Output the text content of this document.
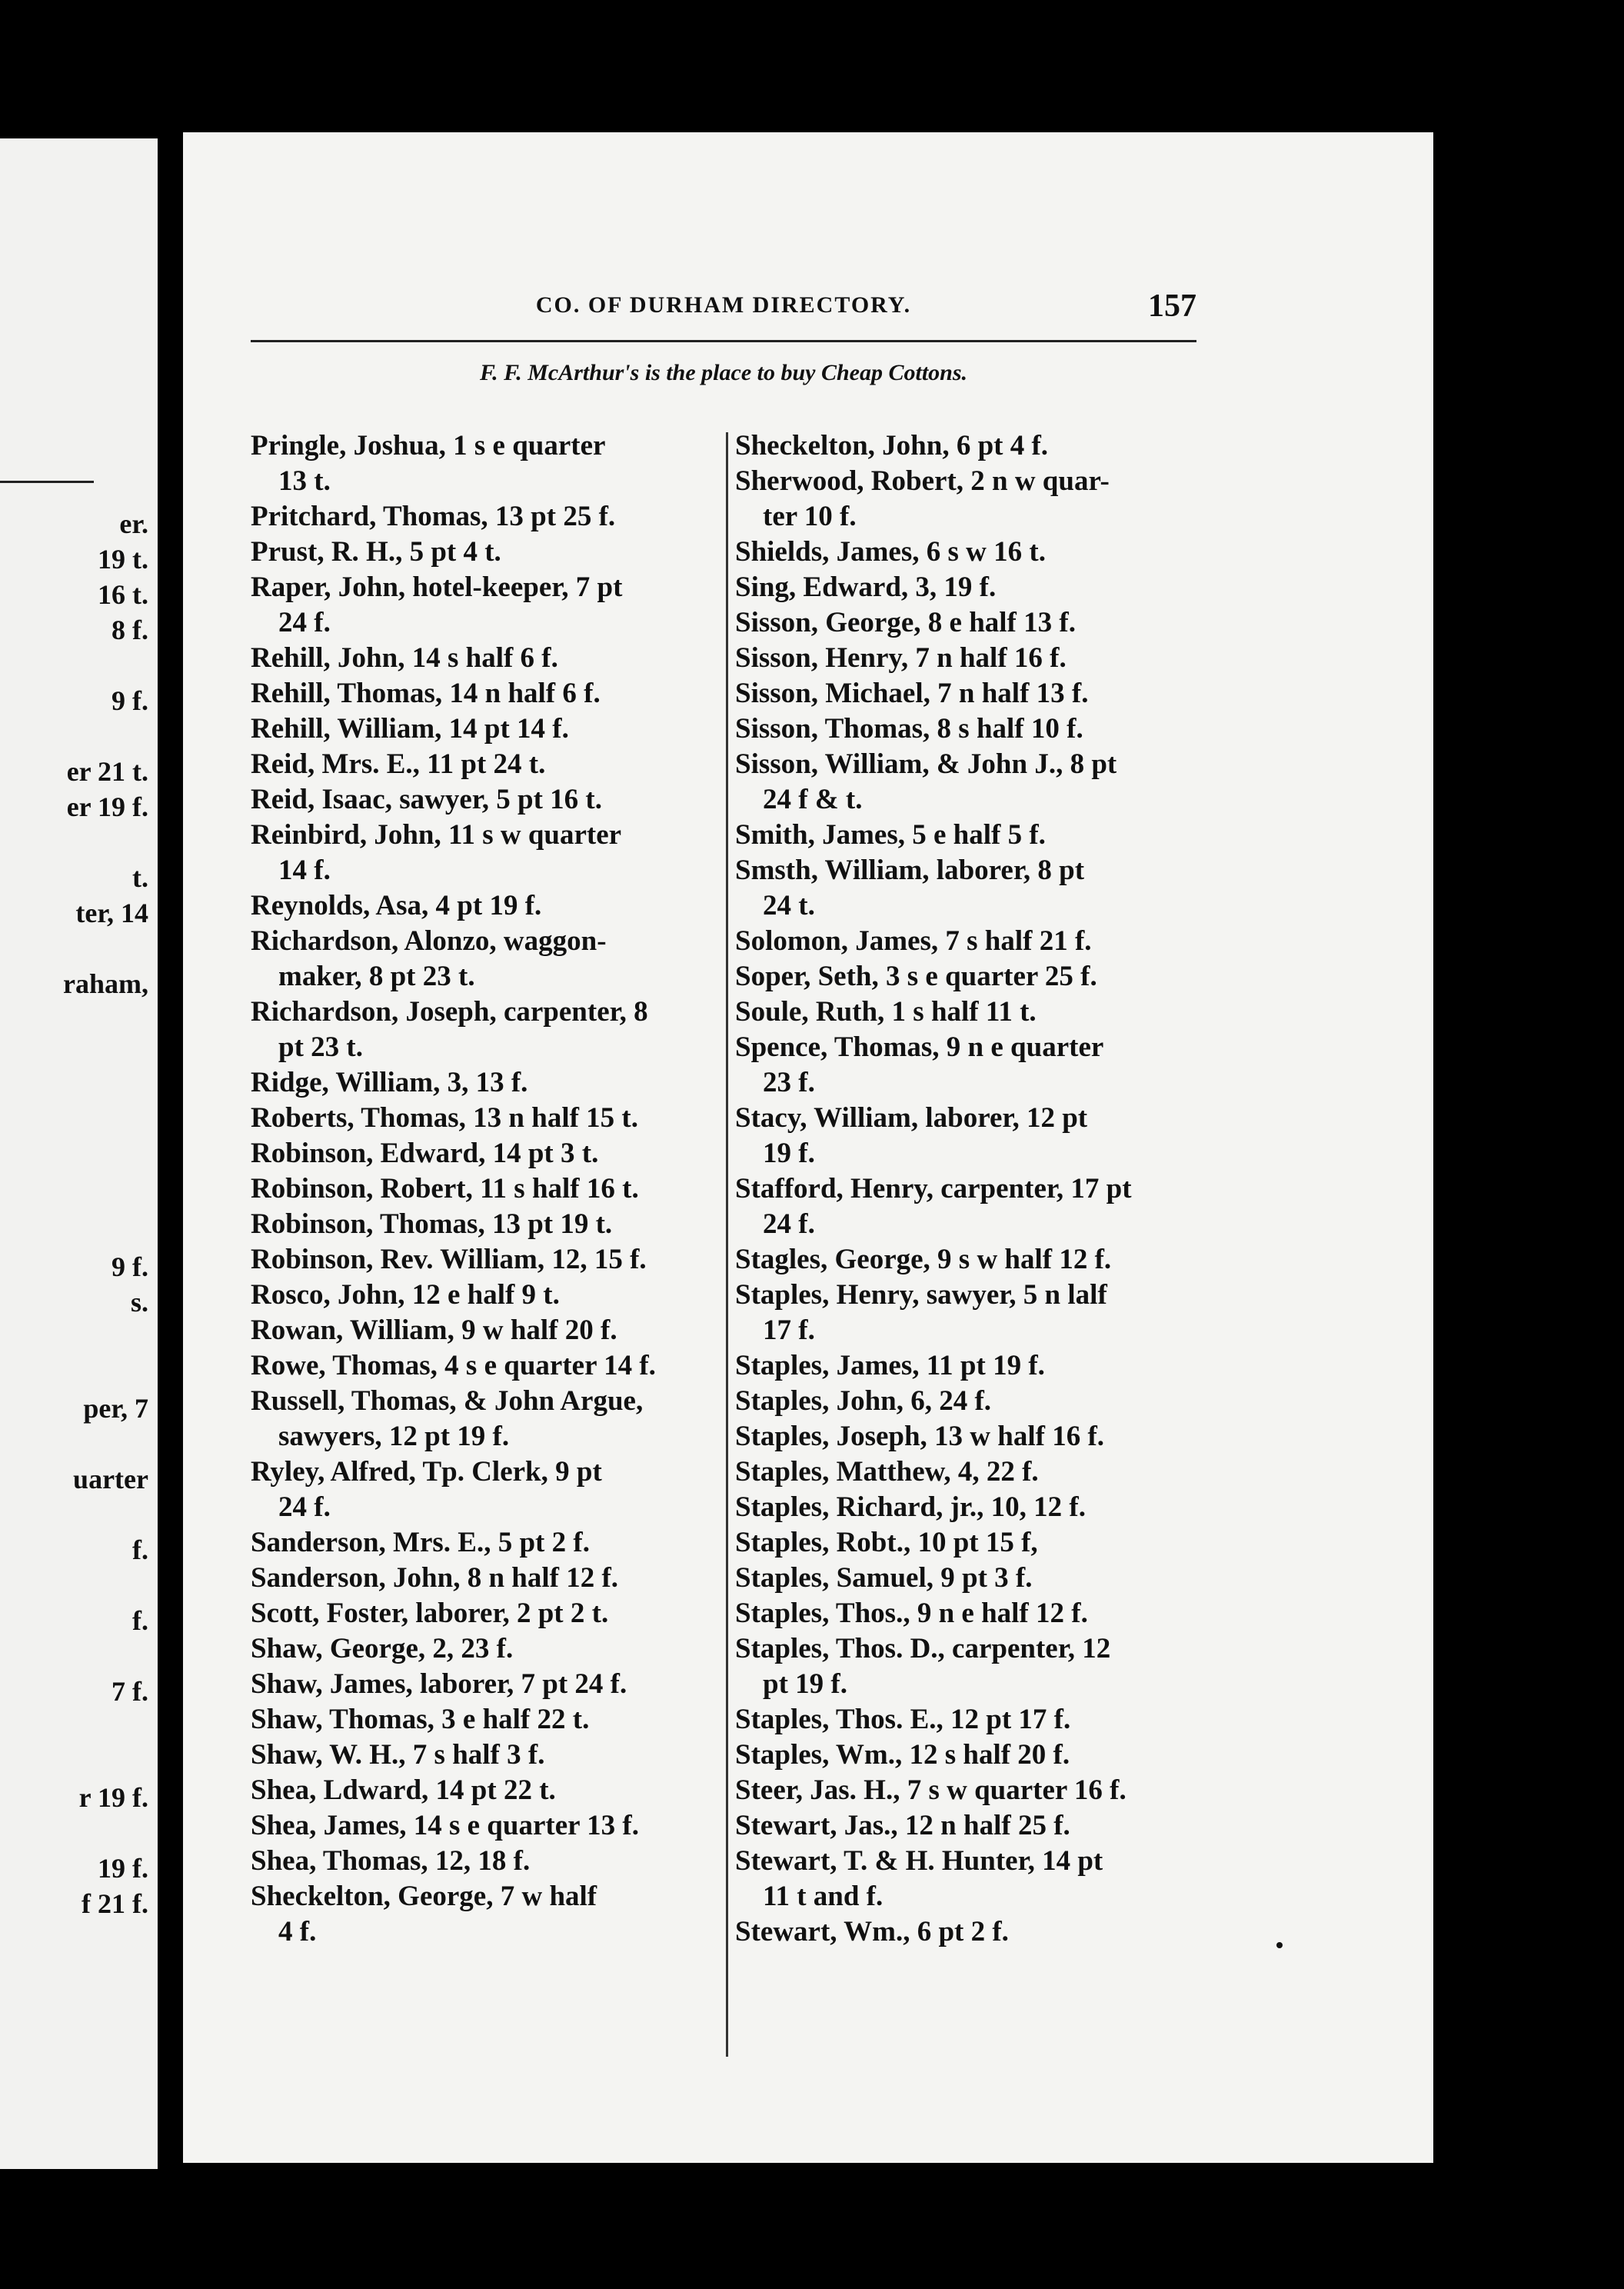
er.
19 t.
16 t.
8 f.
9 f.
er 21 t.
er 19 f.
t.
ter, 14
raham,
9 f.
s.
per, 7
uarter
f.
f.
7 f.
r 19 f.
19 f.
f 21 f.
CO. OF DURHAM DIRECTORY.	157
F. F. McArthur's is the place to buy Cheap Cottons.
Pringle, Joshua, 1 s e quarter
13 t.
Pritchard, Thomas, 13 pt 25 f.
Prust, R. H., 5 pt 4 t.
Raper, John, hotel-keeper, 7 pt
24 f.
Rehill, John, 14 s half 6 f.
Rehill, Thomas, 14 n half 6 f.
Rehill, William, 14 pt 14 f.
Reid, Mrs. E., 11 pt 24 t.
Reid, Isaac, sawyer, 5 pt 16 t.
Reinbird, John, 11 s w quarter
14 f.
Reynolds, Asa, 4 pt 19 f.
Richardson, Alonzo, waggon-
maker, 8 pt 23 t.
Richardson, Joseph, carpenter, 8
pt 23 t.
Ridge, William, 3, 13 f.
Roberts, Thomas, 13 n half 15 t.
Robinson, Edward, 14 pt 3 t.
Robinson, Robert, 11 s half 16 t.
Robinson, Thomas, 13 pt 19 t.
Robinson, Rev. William, 12, 15 f.
Rosco, John, 12 e half 9 t.
Rowan, William, 9 w half 20 f.
Rowe, Thomas, 4 s e quarter 14 f.
Russell, Thomas, & John Argue,
sawyers, 12 pt 19 f.
Ryley, Alfred, Tp. Clerk, 9 pt
24 f.
Sanderson, Mrs. E., 5 pt 2 f.
Sanderson, John, 8 n half 12 f.
Scott, Foster, laborer, 2 pt 2 t.
Shaw, George, 2, 23 f.
Shaw, James, laborer, 7 pt 24 f.
Shaw, Thomas, 3 e half 22 t.
Shaw, W. H., 7 s half 3 f.
Shea, Ldward, 14 pt 22 t.
Shea, James, 14 s e quarter 13 f.
Shea, Thomas, 12, 18 f.
Sheckelton, George, 7 w half
4 f.
Sheckelton, John, 6 pt 4 f.
Sherwood, Robert, 2 n w quar-
ter 10 f.
Shields, James, 6 s w 16 t.
Sing, Edward, 3, 19 f.
Sisson, George, 8 e half 13 f.
Sisson, Henry, 7 n half 16 f.
Sisson, Michael, 7 n half 13 f.
Sisson, Thomas, 8 s half 10 f.
Sisson, William, & John J., 8 pt
24 f & t.
Smith, James, 5 e half 5 f.
Smsth, William, laborer, 8 pt
24 t.
Solomon, James, 7 s half 21 f.
Soper, Seth, 3 s e quarter 25 f.
Soule, Ruth, 1 s half 11 t.
Spence, Thomas, 9 n e quarter
23 f.
Stacy, William, laborer, 12 pt
19 f.
Stafford, Henry, carpenter, 17 pt
24 f.
Stagles, George, 9 s w half 12 f.
Staples, Henry, sawyer, 5 n lalf
17 f.
Staples, James, 11 pt 19 f.
Staples, John, 6, 24 f.
Staples, Joseph, 13 w half 16 f.
Staples, Matthew, 4, 22 f.
Staples, Richard, jr., 10, 12 f.
Staples, Robt., 10 pt 15 f,
Staples, Samuel, 9 pt 3 f.
Staples, Thos., 9 n e half 12 f.
Staples, Thos. D., carpenter, 12
pt 19 f.
Staples, Thos. E., 12 pt 17 f.
Staples, Wm., 12 s half 20 f.
Steer, Jas. H., 7 s w quarter 16 f.
Stewart, Jas., 12 n half 25 f.
Stewart, T. & H. Hunter, 14 pt
11 t and f.
Stewart, Wm., 6 pt 2 f.
